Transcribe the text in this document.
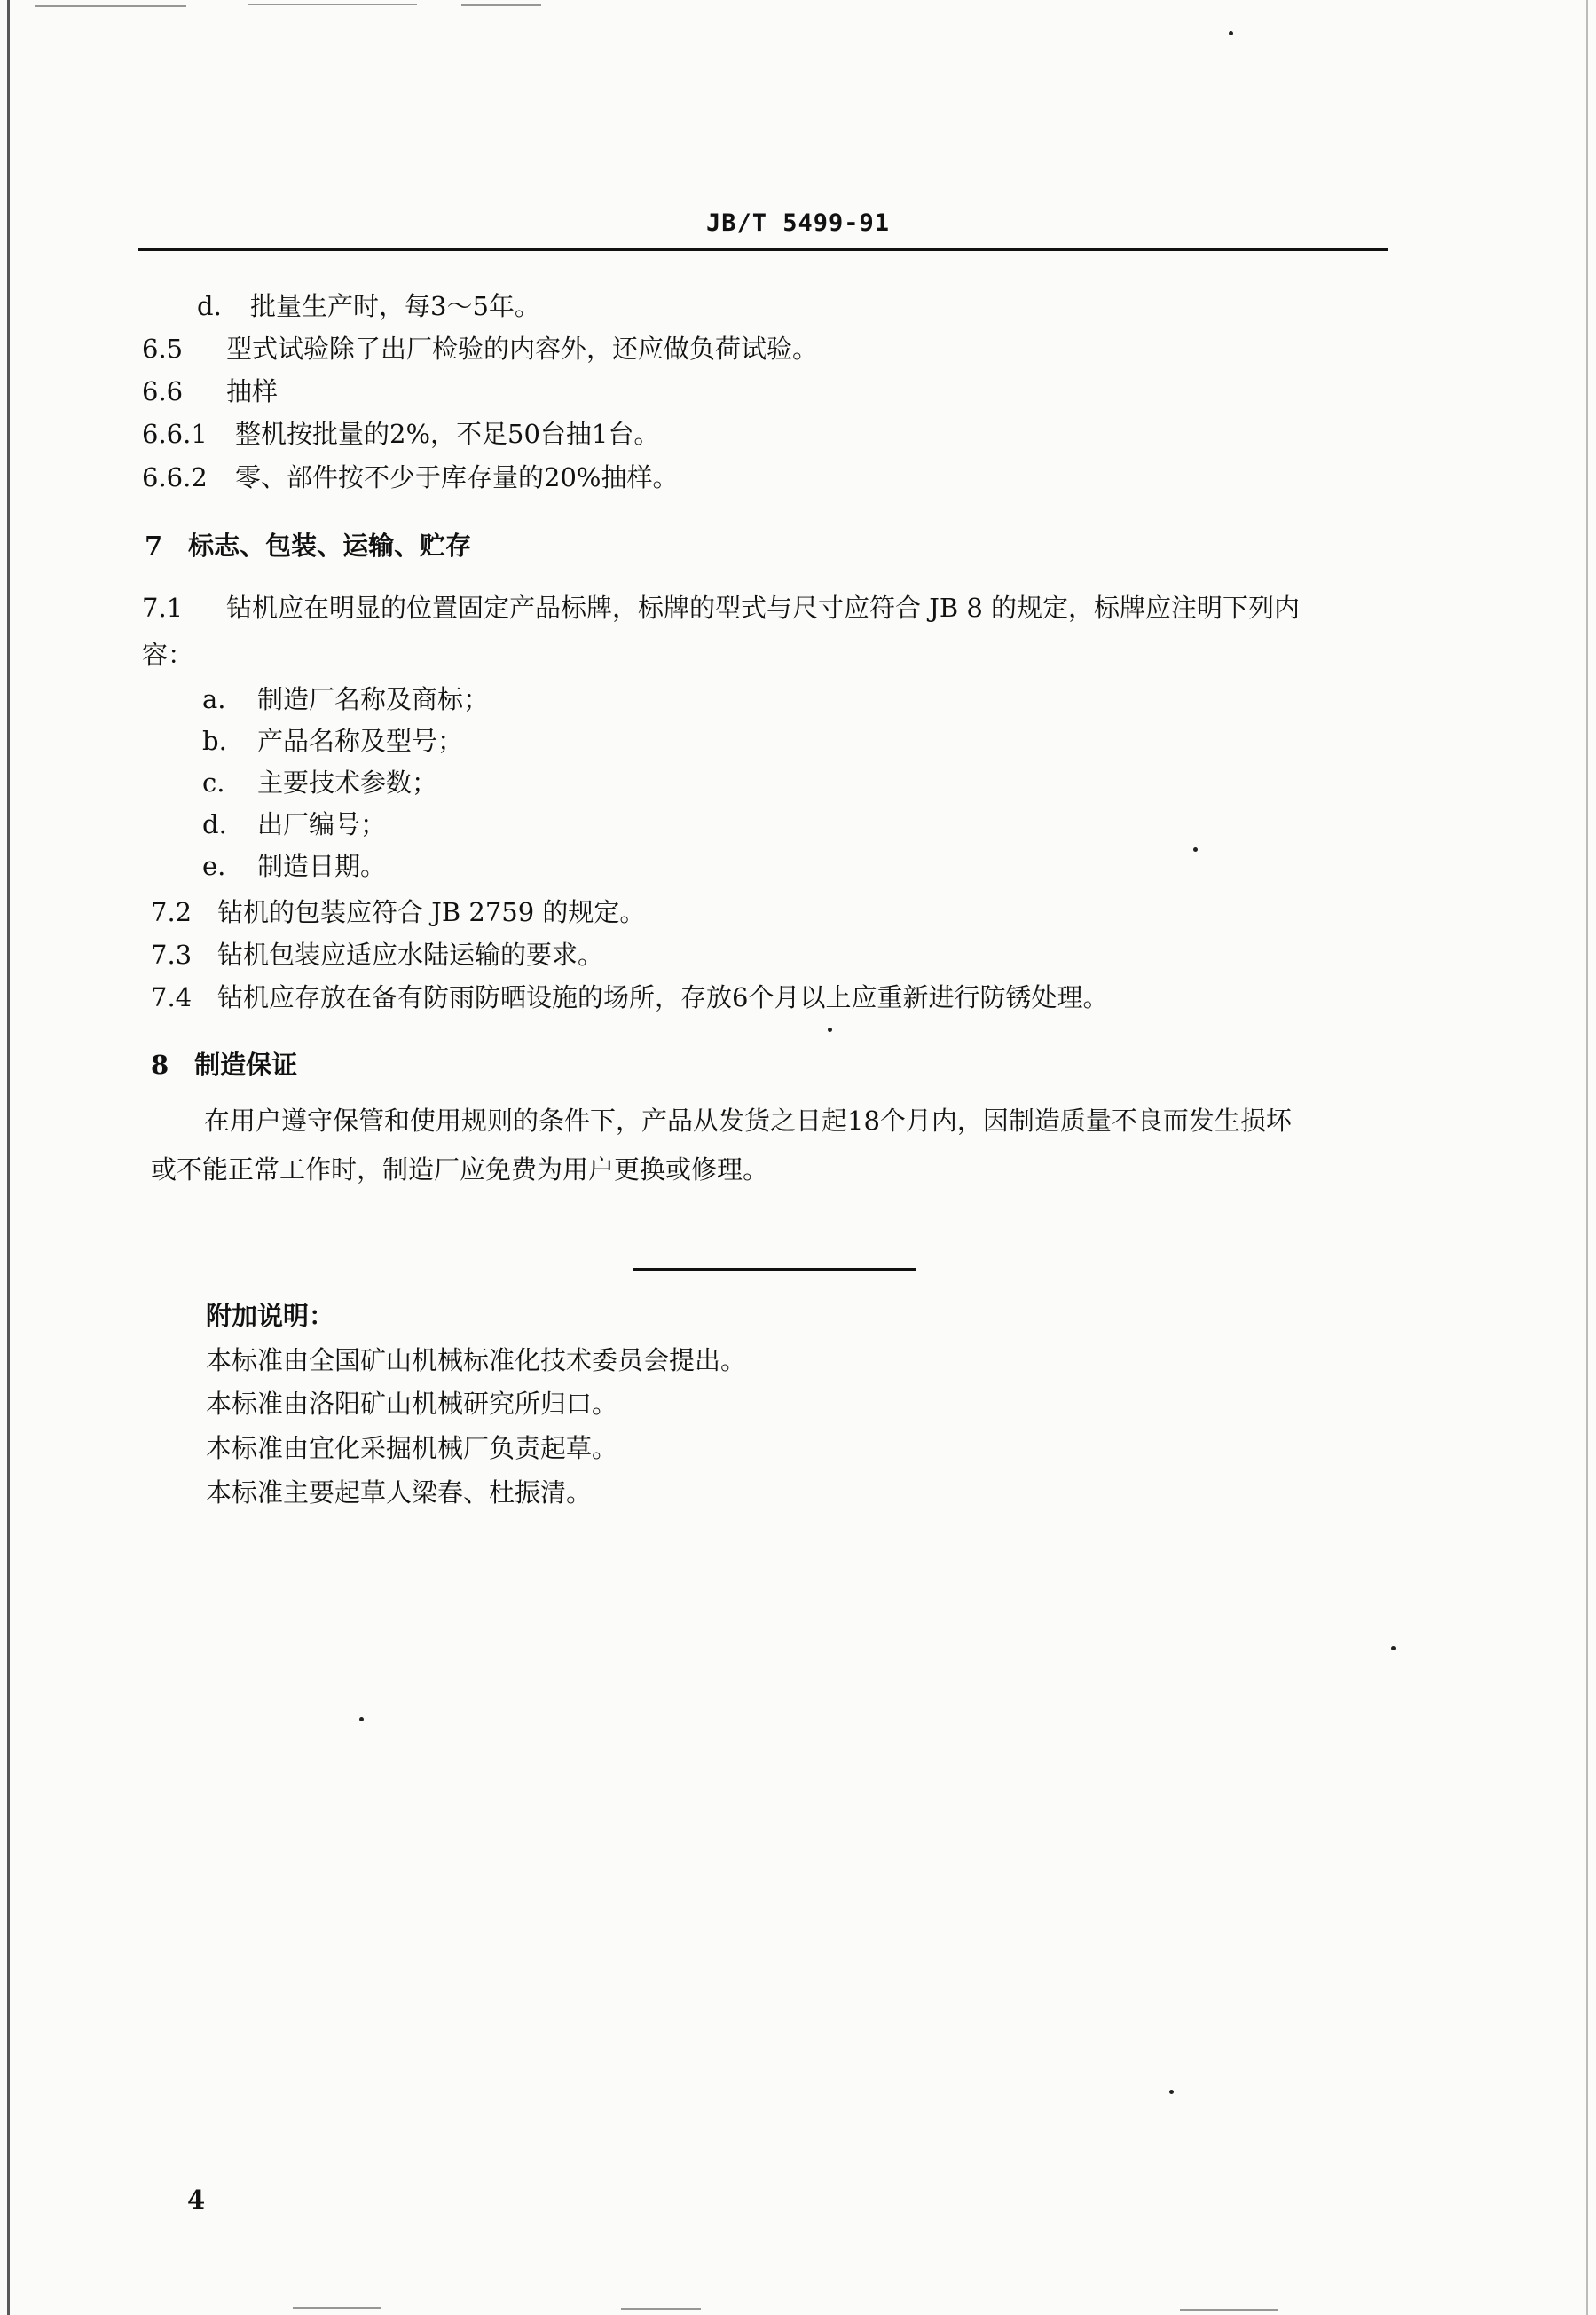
JB/T 5499-91
d. 批量生产时，每3～5年。
6.5 型式试验除了出厂检验的内容外，还应做负荷试验。
6.6 抽样
6.6.1 整机按批量的2%，不足50台抽1台。
6.6.2 零、部件按不少于库存量的20%抽样。
7　标志、包装、运输、贮存
7.1 钻机应在明显的位置固定产品标牌，标牌的型式与尺寸应符合 JB 8 的规定，标牌应注明下列内
容：
a. 制造厂名称及商标；
b. 产品名称及型号；
c. 主要技术参数；
d. 出厂编号；
e. 制造日期。
7.2 钻机的包装应符合 JB 2759 的规定。
7.3 钻机包装应适应水陆运输的要求。
7.4 钻机应存放在备有防雨防晒设施的场所，存放6个月以上应重新进行防锈处理。
8　制造保证
在用户遵守保管和使用规则的条件下，产品从发货之日起18个月内，因制造质量不良而发生损坏
或不能正常工作时，制造厂应免费为用户更换或修理。
附加说明：
本标准由全国矿山机械标准化技术委员会提出。
本标准由洛阳矿山机械研究所归口。
本标准由宜化采掘机械厂负责起草。
本标准主要起草人梁春、杜振清。
4
